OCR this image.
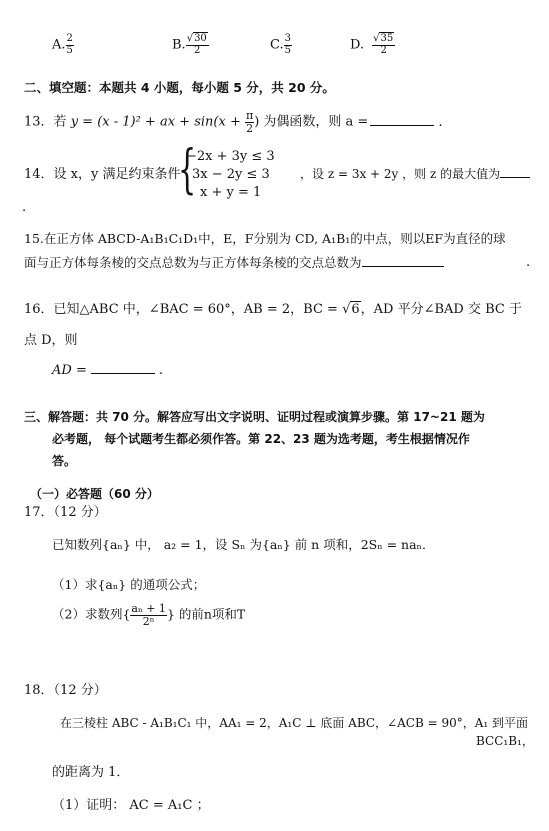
A. $\frac{2}{5}$	B. $\frac{√30}{2}$	C. $\frac{3}{5}$	D. $\frac{√35}{2}$
二、填空题：本题共 4 小题，每小题 5 分，共 20 分。
13．若 y = (x - 1)² + ax + $\sin(x + \frac{\pi}{2}$ ) 为偶函数，则 a =	.
14．设 x，y 满足约束条件
{
−2x + 3y ≤ 3
3x − 2y ≤ 3
x + y = 1
，设 z = 3x + 2y ，则 z 的最大值为
.
15.在正方体 ABCD-A₁B₁C₁D₁中，E，F分别为 CD, A₁B₁的中点，则以EF为直径的球
面与正方体每条棱的交点总数为与正方体每条棱的交点总数为	.
16．已知△ABC 中，∠BAC = 60°，AB = 2，BC = √6，AD 平分∠BAD 交 BC 于
点 D，则
AD =	.
三、解答题：共 70 分。解答应写出文字说明、证明过程或演算步骤。第 17~21 题为
必考题， 每个试题考生都必须作答。第 22、23 题为选考题，考生根据情况作
答。
（一）必答题（60 分）
17．（12 分）
已知数列{aₙ} 中， a₂ = 1，设 Sₙ 为{aₙ} 前 n 项和，2Sₙ = naₙ．
（1）求{aₙ} 的通项公式；
（2）求数列{ $\frac{\text{aₙ + 1}}{\text{2ⁿ}}$ } 的前n项和T
18．（12 分）
在三棱柱 ABC - A₁B₁C₁ 中，AA₁ = 2，A₁C ⊥ 底面 ABC，∠ACB = 90°，A₁ 到平面
BCC₁B₁，
的距离为 1．
（1）证明： AC = A₁C ；
